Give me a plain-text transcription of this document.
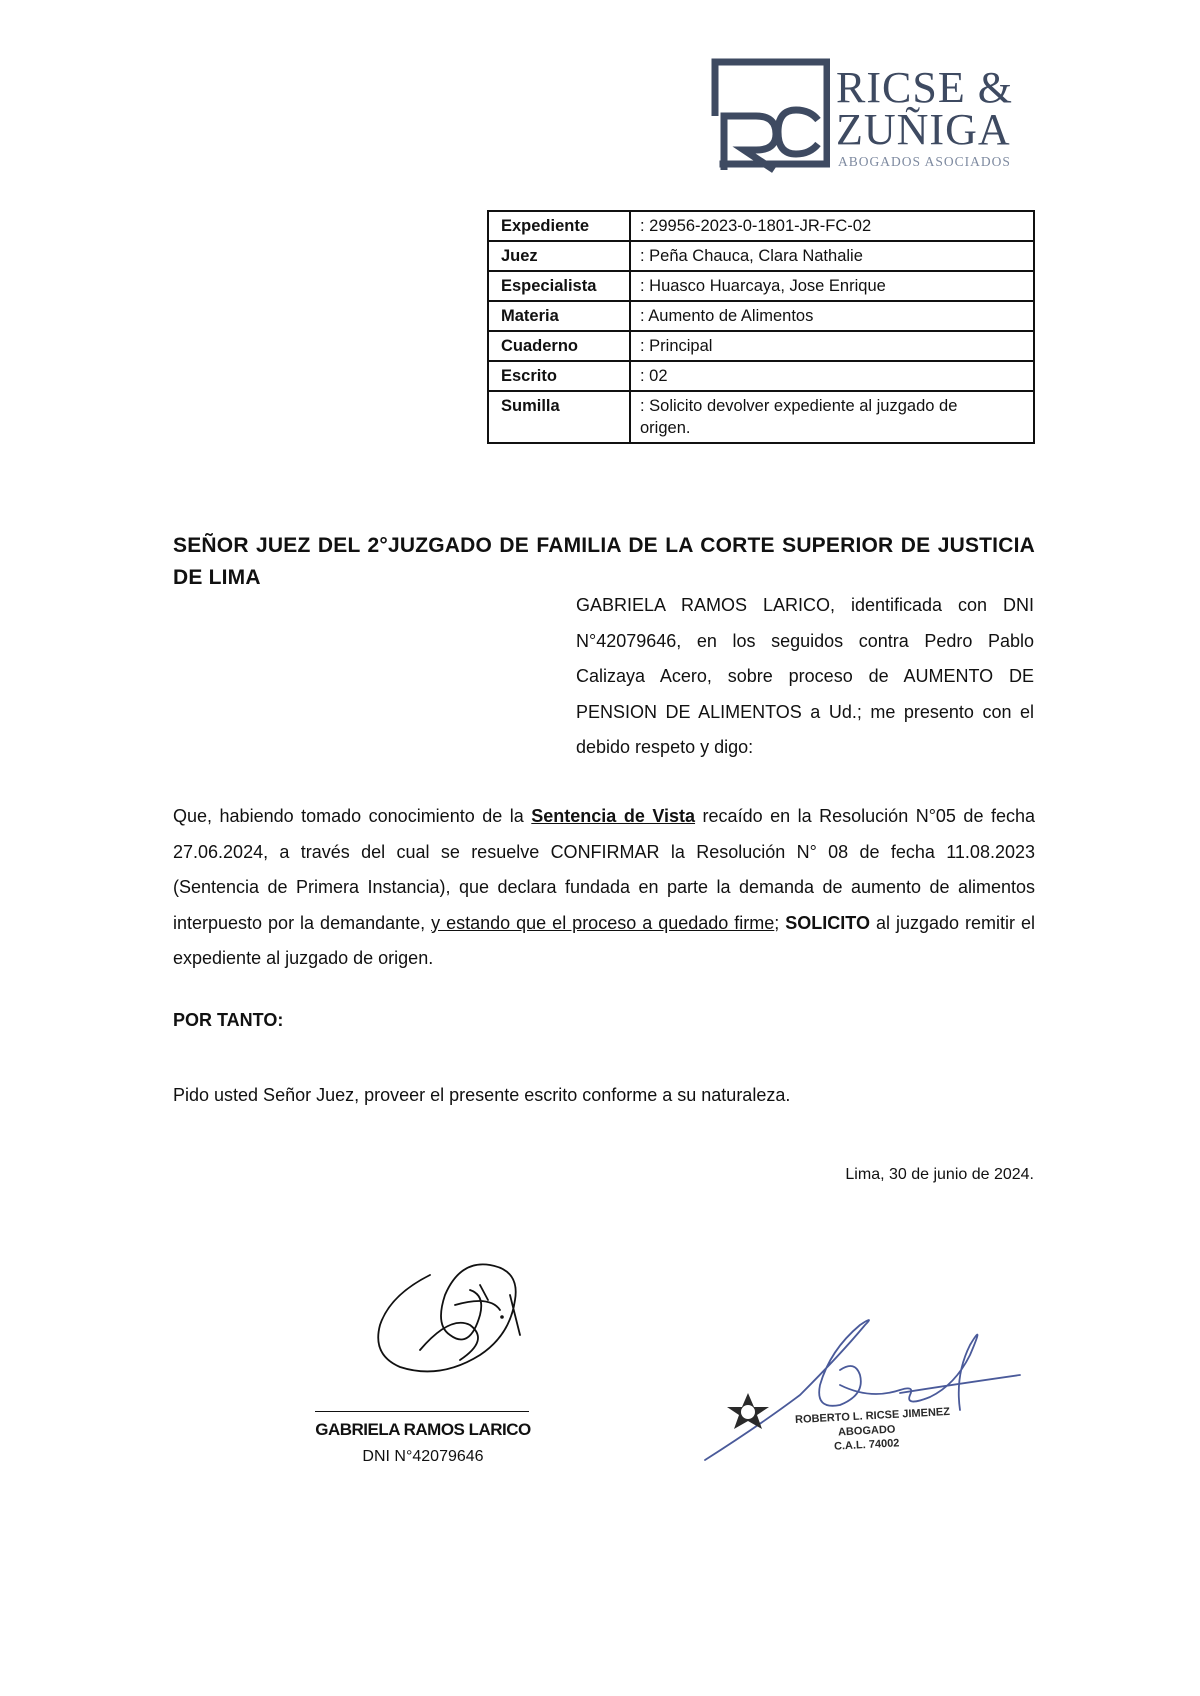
RICSE &
ZUÑIGA
ABOGADOS ASOCIADOS
Expediente	: 29956-2023-0-1801-JR-FC-02
Juez	: Peña Chauca, Clara Nathalie
Especialista	: Huasco Huarcaya, Jose Enrique
Materia	: Aumento de Alimentos
Cuaderno	: Principal
Escrito	: 02
Sumilla	: Solicito devolver expediente al juzgado de origen.
SEÑOR JUEZ DEL 2°JUZGADO DE FAMILIA DE LA CORTE SUPERIOR DE JUSTICIA DE LIMA
GABRIELA RAMOS LARICO, identificada con DNI N°42079646, en los seguidos contra Pedro Pablo Calizaya Acero, sobre proceso de AUMENTO DE PENSION DE ALIMENTOS a Ud.; me presento con el debido respeto y digo:
Que, habiendo tomado conocimiento de la Sentencia de Vista recaído en la Resolución N°05 de fecha 27.06.2024, a través del cual se resuelve CONFIRMAR la Resolución N° 08 de fecha 11.08.2023 (Sentencia de Primera Instancia), que declara fundada en parte la demanda de aumento de alimentos interpuesto por la demandante, y estando que el proceso a quedado firme; SOLICITO al juzgado remitir el expediente al juzgado de origen.
POR TANTO:
Pido usted Señor Juez, proveer el presente escrito conforme a su naturaleza.
Lima, 30 de junio de 2024.
GABRIELA RAMOS LARICO
DNI N°42079646
ROBERTO L. RICSE JIMENEZ
ABOGADO
C.A.L. 74002
